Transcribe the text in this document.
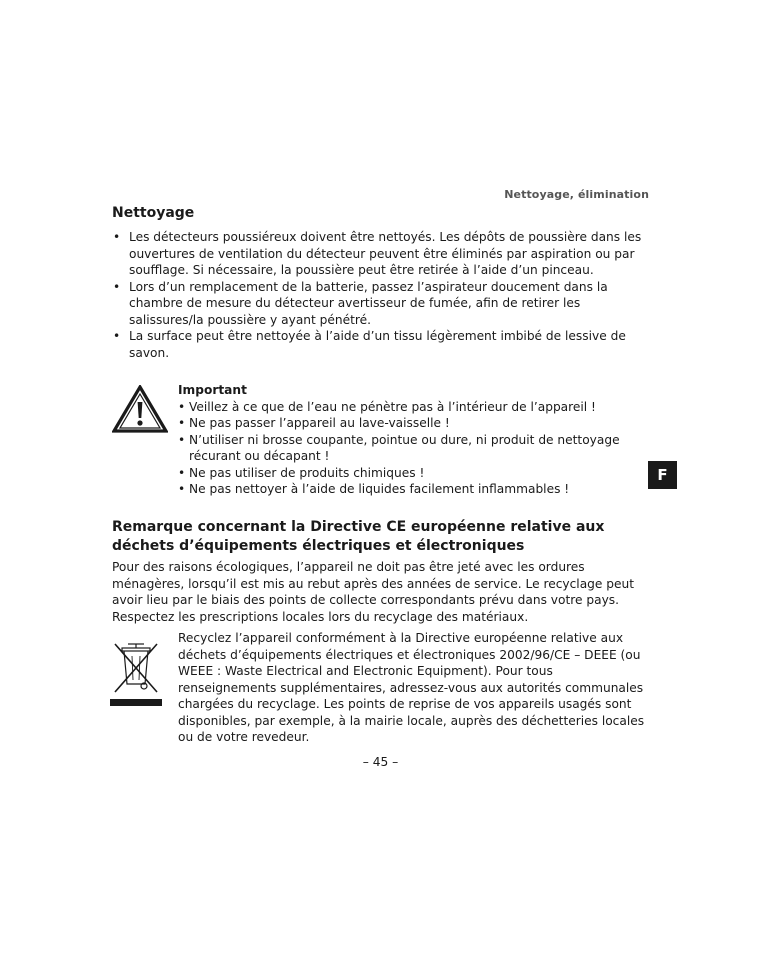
Nettoyage, élimination
Nettoyage
• Les détecteurs poussiéreux doivent être nettoyés. Les dépôts de poussière dans les ouvertures de ventilation du détecteur peuvent être éliminés par aspiration ou par soufflage. Si nécessaire, la poussière peut être retirée à l’aide d’un pinceau.
• Lors d’un remplacement de la batterie, passez l’aspirateur doucement dans la chambre de mesure du détecteur avertisseur de fumée, afin de retirer les salissures/la poussière y ayant pénétré.
• La surface peut être nettoyée à l’aide d’un tissu légèrement imbibé de lessive de savon.
Important
• Veillez à ce que de l’eau ne pénètre pas à l’intérieur de l’appareil !
• Ne pas passer l’appareil au lave-vaisselle !
• N’utiliser ni brosse coupante, pointue ou dure, ni produit de nettoyage récurant ou décapant !
• Ne pas utiliser de produits chimiques !
• Ne pas nettoyer à l’aide de liquides facilement inflammables !
F
Remarque concernant la Directive CE européenne relative aux déchets d’équipements électriques et électroniques

Pour des raisons écologiques, l’appareil ne doit pas être jeté avec les ordures ménagères, lorsqu’il est mis au rebut après des années de service. Le recyclage peut avoir lieu par le biais des points de collecte correspondants prévu dans votre pays. Respectez les prescriptions locales lors du recyclage des matériaux.

Recyclez l’appareil conformément à la Directive européenne relative aux déchets d’équipements électriques et électroniques 2002/96/CE – DEEE (ou WEEE : Waste Electrical and Electronic Equipment). Pour tous renseignements supplémentaires, adressez-vous aux autorités communales chargées du recyclage. Les points de reprise de vos appareils usagés sont disponibles, par exemple, à la mairie locale, auprès des déchetteries locales ou de votre revedeur.

– 45 –
